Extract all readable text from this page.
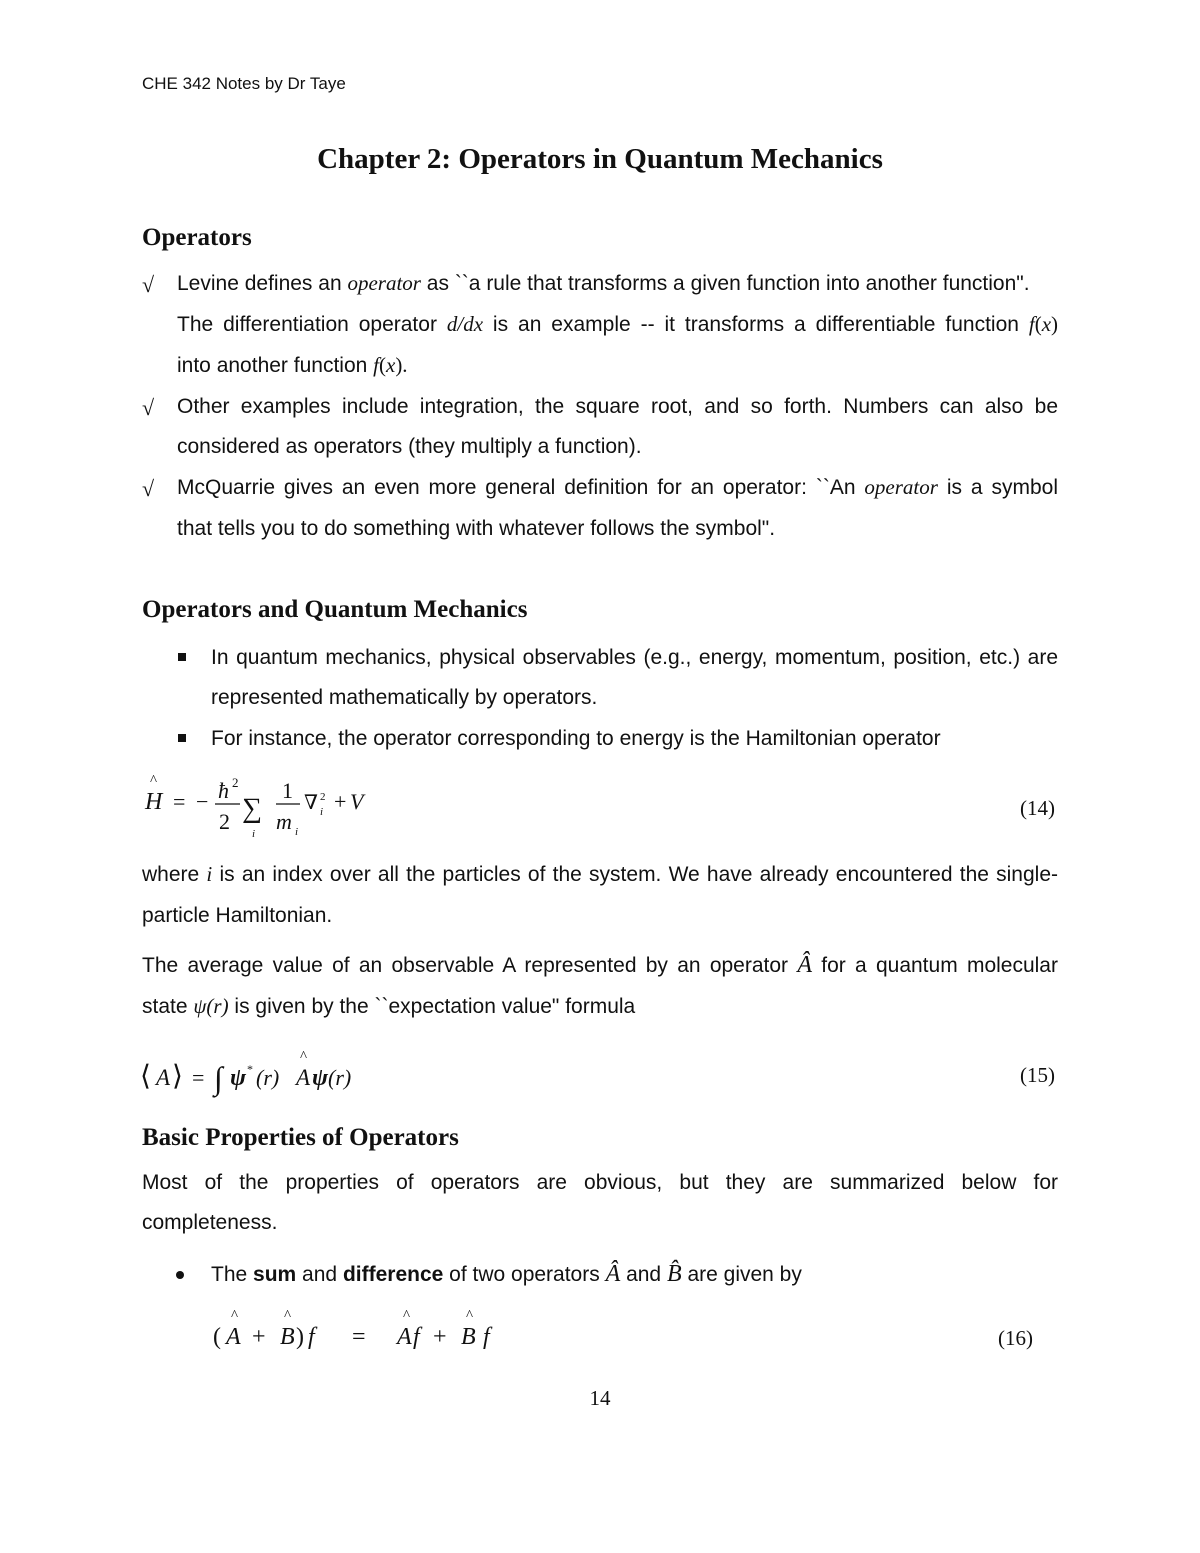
CHE 342 Notes by Dr Taye
Chapter 2: Operators in Quantum Mechanics
Operators
√ Levine defines an operator as ``a rule that transforms a given function into another function".
The differentiation operator d/dx is an example -- it transforms a differentiable function f(x)
into another function f(x).
√ Other examples include integration, the square root, and so forth. Numbers can also be
considered as operators (they multiply a function).
√ McQuarrie gives an even more general definition for an operator: ``An operator is a symbol
that tells you to do something with whatever follows the symbol".
Operators and Quantum Mechanics
In quantum mechanics, physical observables (e.g., energy, momentum, position, etc.) are
represented mathematically by operators.
For instance, the operator corresponding to energy is the Hamiltonian operator
^
H = − ħ 2
2 ∑
i
1
m i
∇ 2
i + V	(14)
where i is an index over all the particles of the system. We have already encountered the single-
particle Hamiltonian.
The average value of an observable A represented by an operator Â for a quantum molecular
state ψ(r) is given by the ``expectation value" formula
⟨ A ⟩ = ∫ ψ * (r)
^
A ψ (r)	(15)
Basic Properties of Operators
Most of the properties of operators are obvious, but they are summarized below for
completeness.
The sum and difference of two operators Â and B̂ are given by
(
^
A +
^
B ) f =
^
A f +
^
B f	(16)
14
